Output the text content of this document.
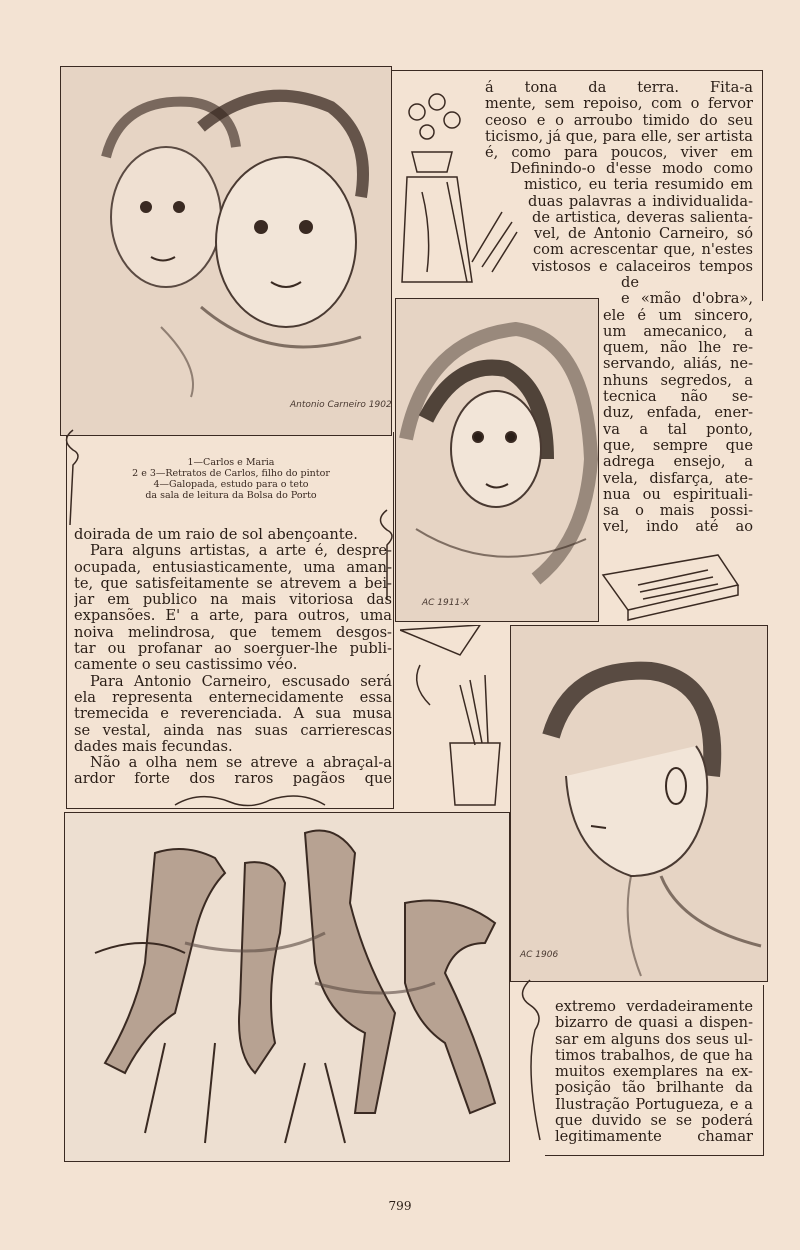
Antonio Carneiro 1902
AC 1911-X
AC 1906
1—Carlos e Maria
2 e 3—Retratos de Carlos, filho do pintor
4—Galopada, estudo para o teto
da sala de leitura da Bolsa do Porto
á tona da terra. Fita-a
mente, sem repoiso, com o fervor
ceoso e o arroubo timido do seu
ticismo, já que, para elle, ser artista
é, como para poucos, viver em
Definindo-o d'esse modo como
mistico, eu teria resumido em
duas palavras a individualida-
de artistica, deveras salienta-
vel, de Antonio Carneiro, só
com acrescentar que, n'estes
vistosos e calaceiros tempos
de
e «mão d'obra»,
ele é um sincero,
um amecanico, a
quem, não lhe re-
servando, aliás, ne-
nhuns segredos, a
tecnica não se-
duz, enfada, ener-
va a tal ponto,
que, sempre que
adrega ensejo, a
vela, disfarça, ate-
nua ou espirituali-
sa o mais possi-
vel, indo até ao
doirada de um raio de sol abençoante.
Para alguns artistas, a arte é, despre-
ocupada, entusiasticamente, uma aman-
te, que satisfeitamente se atrevem a bei-
jar em publico na mais vitoriosa das
expansões. E' a arte, para outros, uma
noiva melindrosa, que temem desgos-
tar ou profanar ao soerguer-lhe publi-
camente o seu castissimo véo.
Para Antonio Carneiro, escusado será
ela representa enternecidamente essa
tremecida e reverenciada. A sua musa
se vestal, ainda nas suas carrierescas
dades mais fecundas.
Não a olha nem se atreve a abraçal-a
ardor forte dos raros pagãos que
extremo verdadeiramente
bizarro de quasi a dispen-
sar em alguns dos seus ul-
timos trabalhos, de que ha
muitos exemplares na ex-
posição tão brilhante da
Ilustração Portugueza, e a
que duvido se se poderá
legitimamente chamar
799
